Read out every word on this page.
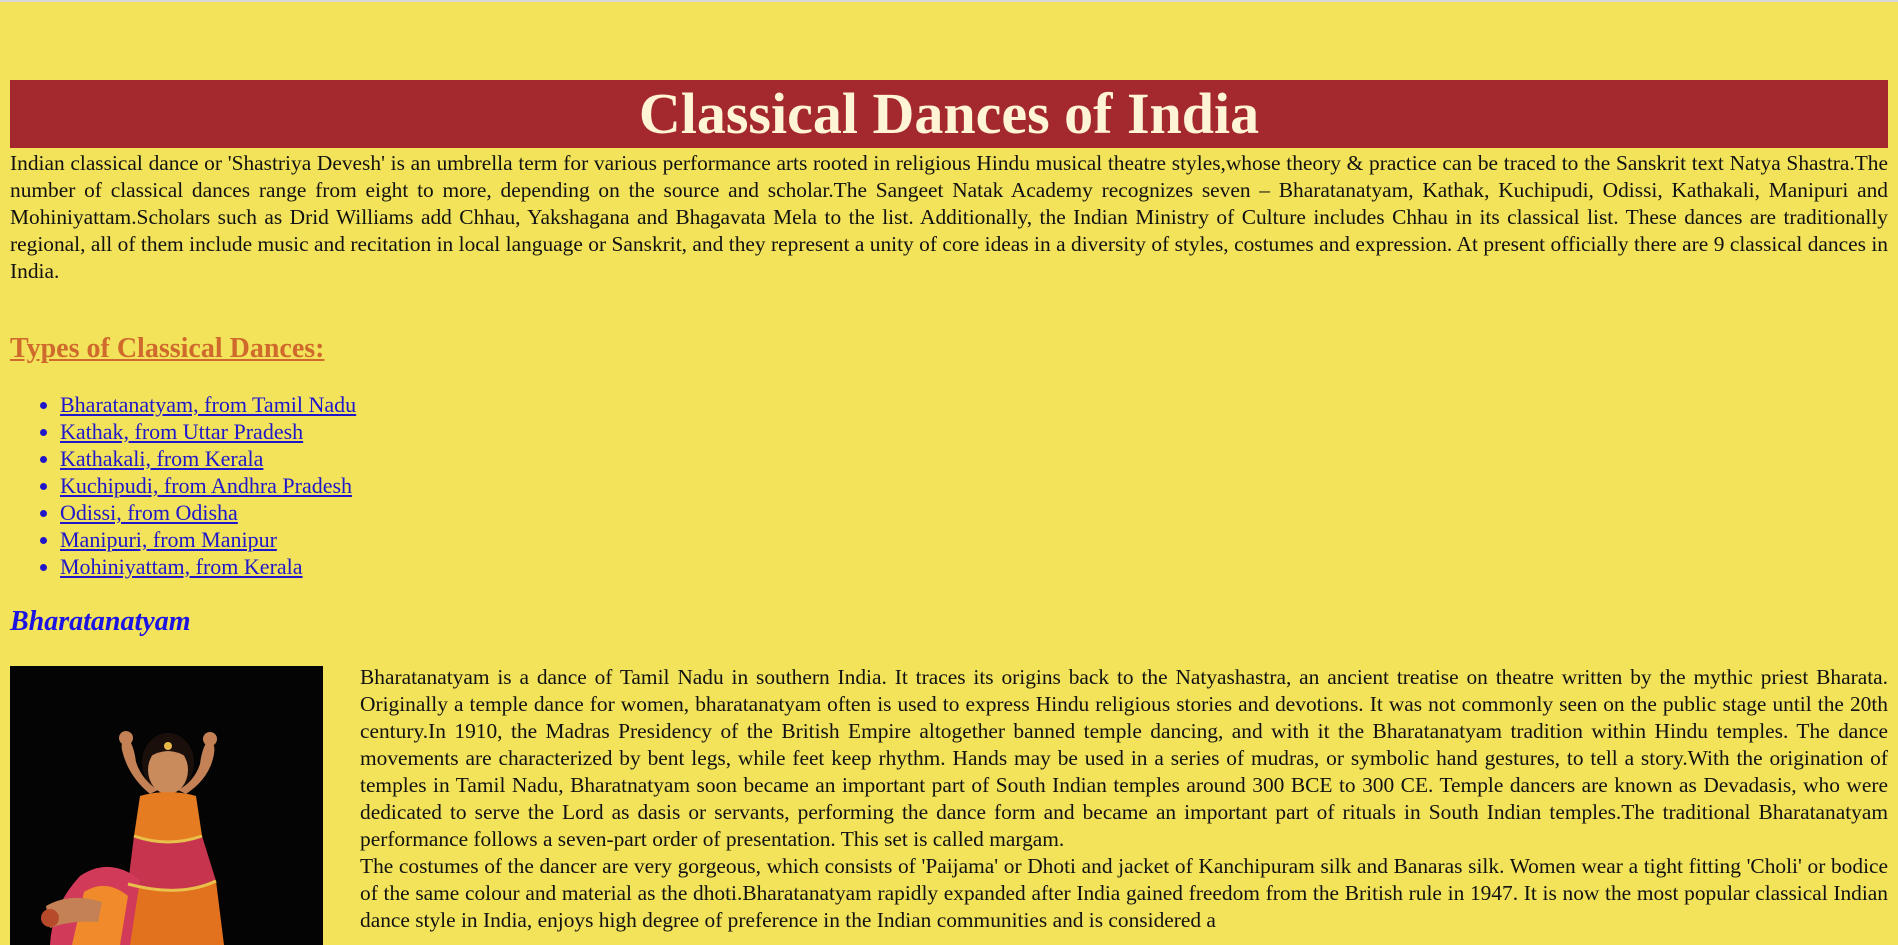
Classical Dances of India

Indian classical dance or 'Shastriya Devesh' is an umbrella term for various performance arts rooted in religious Hindu musical theatre styles,whose theory & practice can be traced to the Sanskrit text Natya Shastra.The number of classical dances range from eight to more, depending on the source and scholar.The Sangeet Natak Academy recognizes seven – Bharatanatyam, Kathak, Kuchipudi, Odissi, Kathakali, Manipuri and Mohiniyattam.Scholars such as Drid Williams add Chhau, Yakshagana and Bhagavata Mela to the list. Additionally, the Indian Ministry of Culture includes Chhau in its classical list. These dances are traditionally regional, all of them include music and recitation in local language or Sanskrit, and they represent a unity of core ideas in a diversity of styles, costumes and expression. At present officially there are 9 classical dances in India.

Types of Classical Dances:
• Bharatanatyam, from Tamil Nadu
• Kathak, from Uttar Pradesh
• Kathakali, from Kerala
• Kuchipudi, from Andhra Pradesh
• Odissi, from Odisha
• Manipuri, from Manipur
• Mohiniyattam, from Kerala
Bharatanatyam

Bharatanatyam is a dance of Tamil Nadu in southern India. It traces its origins back to the Natyashastra, an ancient treatise on theatre written by the mythic priest Bharata. Originally a temple dance for women, bharatanatyam often is used to express Hindu religious stories and devotions. It was not commonly seen on the public stage until the 20th century.In 1910, the Madras Presidency of the British Empire altogether banned temple dancing, and with it the Bharatanatyam tradition within Hindu temples. The dance movements are characterized by bent legs, while feet keep rhythm. Hands may be used in a series of mudras, or symbolic hand gestures, to tell a story.With the origination of temples in Tamil Nadu, Bharatnatyam soon became an important part of South Indian temples around 300 BCE to 300 CE. Temple dancers are known as Devadasis, who were dedicated to serve the Lord as dasis or servants, performing the dance form and became an important part of rituals in South Indian temples.The traditional Bharatanatyam performance follows a seven-part order of presentation. This set is called margam.

The costumes of the dancer are very gorgeous, which consists of 'Paijama' or Dhoti and jacket of Kanchipuram silk and Banaras silk. Women wear a tight fitting 'Choli' or bodice of the same colour and material as the dhoti.Bharatanatyam rapidly expanded after India gained freedom from the British rule in 1947. It is now the most popular classical Indian dance style in India, enjoys high degree of preference in the Indian communities and is considered a
